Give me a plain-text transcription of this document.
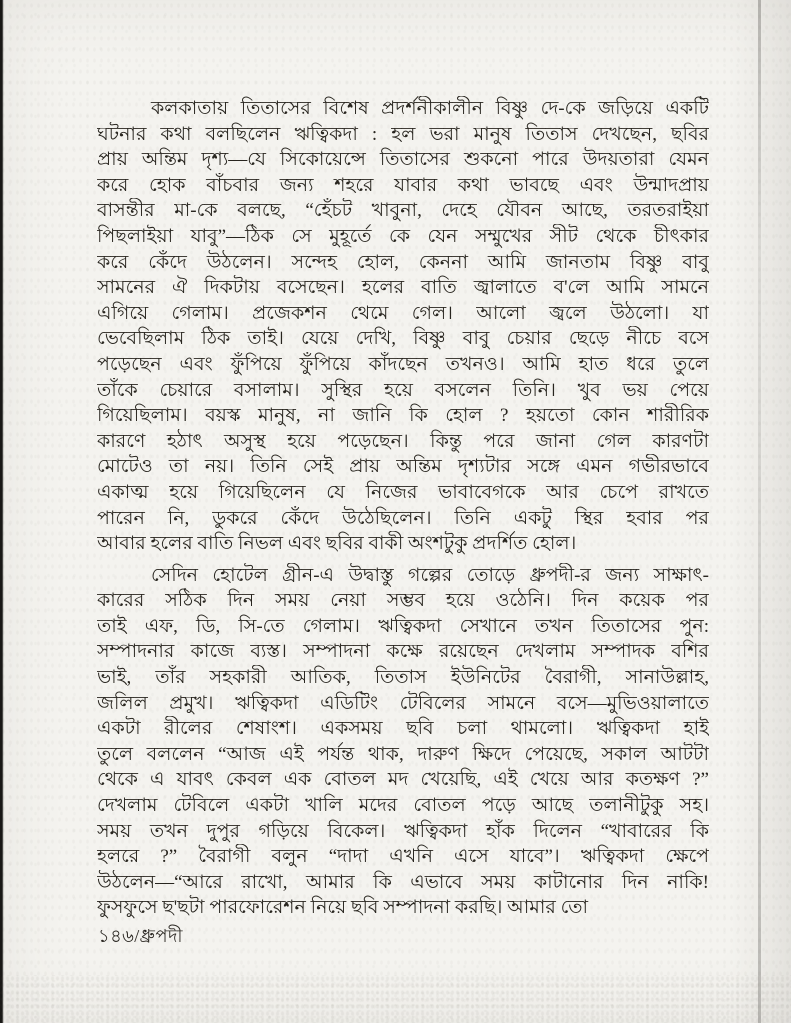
কলকাতায় তিতাসের বিশেষ প্রদর্শনীকালীন বিষ্ণু দে-কে জড়িয়ে একটি
ঘটনার কথা বলছিলেন ঋত্বিকদা : হল ভরা মানুষ তিতাস দেখছেন, ছবির
প্রায় অন্তিম দৃশ্য—যে সিকোয়েন্সে তিতাসের শুকনো পারে উদয়তারা যেমন
করে হোক বাঁচবার জন্য শহরে যাবার কথা ভাবছে এবং উন্মাদপ্রায়
বাসন্তীর মা-কে বলছে, “হেঁচট খাবুনা, দেহে যৌবন আছে, তরতরাইয়া
পিছলাইয়া যাবু”—ঠিক সে মুহূর্তে কে যেন সম্মুখের সীট থেকে চীৎকার
করে কেঁদে উঠলেন। সন্দেহ হোল, কেননা আমি জানতাম বিষ্ণু বাবু
সামনের ঐ দিকটায় বসেছেন। হলের বাতি জ্বালাতে ব'লে আমি সামনে
এগিয়ে গেলাম। প্রজেকশন থেমে গেল। আলো জ্বলে উঠলো। যা
ভেবেছিলাম ঠিক তাই। যেয়ে দেখি, বিষ্ণু বাবু চেয়ার ছেড়ে নীচে বসে
পড়েছেন এবং ফুঁপিয়ে ফুঁপিয়ে কাঁদছেন তখনও। আমি হাত ধরে তুলে
তাঁকে চেয়ারে বসালাম। সুস্থির হয়ে বসলেন তিনি। খুব ভয় পেয়ে
গিয়েছিলাম। বয়স্ক মানুষ, না জানি কি হোল ? হয়তো কোন শারীরিক
কারণে হঠাৎ অসুস্থ হয়ে পড়েছেন। কিন্তু পরে জানা গেল কারণটা
মোটেও তা নয়। তিনি সেই প্রায় অন্তিম দৃশ্যটার সঙ্গে এমন গভীরভাবে
একাত্ম হয়ে গিয়েছিলেন যে নিজের ভাবাবেগকে আর চেপে রাখতে
পারেন নি, ডুকরে কেঁদে উঠেছিলেন। তিনি একটু স্থির হবার পর
আবার হলের বাতি নিভল এবং ছবির বাকী অংশটুকু প্রদর্শিত হোল।
সেদিন হোটেল গ্রীন-এ উদ্বাস্তু গল্পের তোড়ে ধ্রুপদী-র জন্য সাক্ষাৎ-
কারের সঠিক দিন সময় নেয়া সম্ভব হয়ে ওঠেনি। দিন কয়েক পর
তাই এফ, ডি, সি-তে গেলাম। ঋত্বিকদা সেখানে তখন তিতাসের পুন:
সম্পাদনার কাজে ব্যস্ত। সম্পাদনা কক্ষে রয়েছেন দেখলাম সম্পাদক বশির
ভাই, তাঁর সহকারী আতিক, তিতাস ইউনিটের বৈরাগী, সানাউল্লাহ,
জলিল প্রমুখ। ঋত্বিকদা এডিটিং টেবিলের সামনে বসে—মুভিওয়ালাতে
একটা রীলের শেষাংশ। একসময় ছবি চলা থামলো। ঋত্বিকদা হাই
তুলে বললেন “আজ এই পর্যন্ত থাক, দারুণ ক্ষিদে পেয়েছে, সকাল আটটা
থেকে এ যাবৎ কেবল এক বোতল মদ খেয়েছি, এই খেয়ে আর কতক্ষণ ?”
দেখলাম টেবিলে একটা খালি মদের বোতল পড়ে আছে তলানীটুকু সহ।
সময় তখন দুপুর গড়িয়ে বিকেল। ঋত্বিকদা হাঁক দিলেন “খাবারের কি
হলরে ?” বৈরাগী বলুন “দাদা এখনি এসে যাবে”। ঋত্বিকদা ক্ষেপে
উঠলেন—“আরে রাখো, আমার কি এভাবে সময় কাটানোর দিন নাকি!
ফুসফুসে ছ'ছটা পারফোরেশন নিয়ে ছবি সম্পাদনা করছি। আমার তো
১৪৬/ধ্রুপদী
